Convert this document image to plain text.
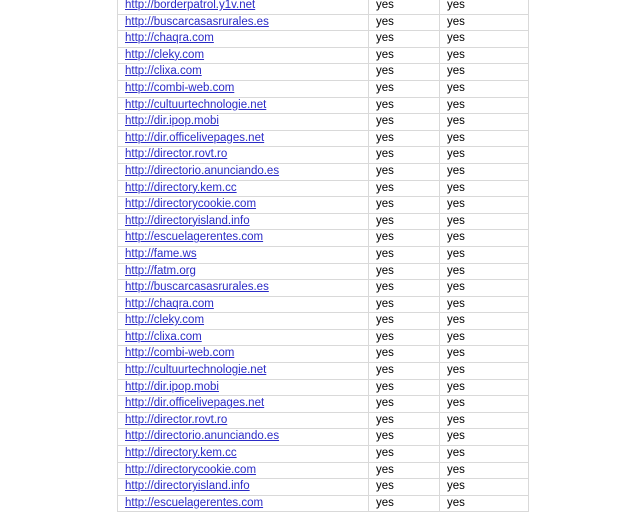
http://borderpatrol.y1v.net	yes	yes
http://buscarcasasrurales.es	yes	yes
http://chaqra.com	yes	yes
http://cleky.com	yes	yes
http://clixa.com	yes	yes
http://combi-web.com	yes	yes
http://cultuurtechnologie.net	yes	yes
http://dir.ipop.mobi	yes	yes
http://dir.officelivepages.net	yes	yes
http://director.rovt.ro	yes	yes
http://directorio.anunciando.es	yes	yes
http://directory.kem.cc	yes	yes
http://directorycookie.com	yes	yes
http://directoryisland.info	yes	yes
http://escuelagerentes.com	yes	yes
http://fame.ws	yes	yes
http://fatm.org	yes	yes
http://buscarcasasrurales.es	yes	yes
http://chaqra.com	yes	yes
http://cleky.com	yes	yes
http://clixa.com	yes	yes
http://combi-web.com	yes	yes
http://cultuurtechnologie.net	yes	yes
http://dir.ipop.mobi	yes	yes
http://dir.officelivepages.net	yes	yes
http://director.rovt.ro	yes	yes
http://directorio.anunciando.es	yes	yes
http://directory.kem.cc	yes	yes
http://directorycookie.com	yes	yes
http://directoryisland.info	yes	yes
http://escuelagerentes.com	yes	yes
